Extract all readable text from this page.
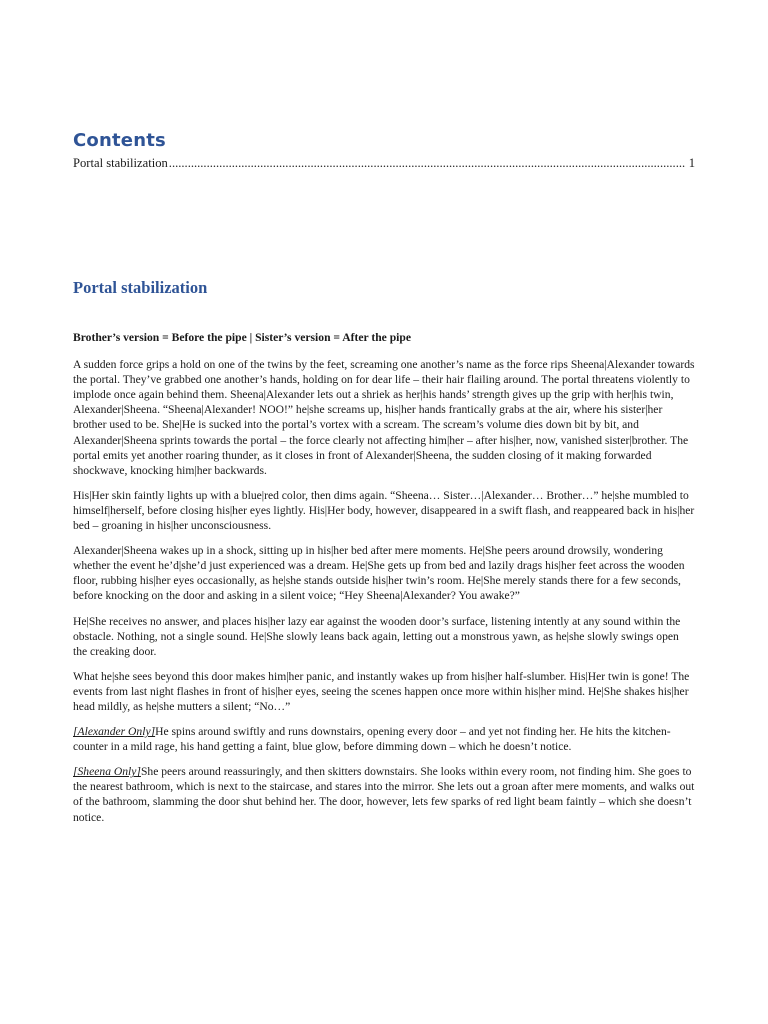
Contents
Portal stabilization
.....	1
Portal stabilization

Brother’s version = Before the pipe | Sister’s version = After the pipe

A sudden force grips a hold on one of the twins by the feet, screaming one another’s name as the force rips Sheena|Alexander towards the portal. They’ve grabbed one another’s hands, holding on for dear life – their hair flailing around. The portal threatens violently to implode once again behind them. Sheena|Alexander lets out a shriek as her|his hands’ strength gives up the grip with her|his twin, Alexander|Sheena. “Sheena|Alexander! NOO!” he|she screams up, his|her hands frantically grabs at the air, where his sister|her brother used to be. She|He is sucked into the portal’s vortex with a scream. The scream’s volume dies down bit by bit, and Alexander|Sheena sprints towards the portal – the force clearly not affecting him|her – after his|her, now, vanished sister|brother. The portal emits yet another roaring thunder, as it closes in front of Alexander|Sheena, the sudden closing of it making forwarded shockwave, knocking him|her backwards.

His|Her skin faintly lights up with a blue|red color, then dims again. “Sheena… Sister…|Alexander… Brother…” he|she mumbled to himself|herself, before closing his|her eyes lightly. His|Her body, however, disappeared in a swift flash, and reappeared back in his|her bed – groaning in his|her unconsciousness.

Alexander|Sheena wakes up in a shock, sitting up in his|her bed after mere moments. He|She peers around drowsily, wondering whether the event he’d|she’d just experienced was a dream. He|She gets up from bed and lazily drags his|her feet across the wooden floor, rubbing his|her eyes occasionally, as he|she stands outside his|her twin’s room. He|She merely stands there for a few seconds, before knocking on the door and asking in a silent voice; “Hey Sheena|Alexander? You awake?”

He|She receives no answer, and places his|her lazy ear against the wooden door’s surface, listening intently at any sound within the obstacle. Nothing, not a single sound. He|She slowly leans back again, letting out a monstrous yawn, as he|she slowly swings open the creaking door.

What he|she sees beyond this door makes him|her panic, and instantly wakes up from his|her half-slumber. His|Her twin is gone! The events from last night flashes in front of his|her eyes, seeing the scenes happen once more within his|her mind. He|She shakes his|her head mildly, as he|she mutters a silent; “No…”

[Alexander Only]He spins around swiftly and runs downstairs, opening every door – and yet not finding her. He hits the kitchen-counter in a mild rage, his hand getting a faint, blue glow, before dimming down – which he doesn’t notice.

[Sheena Only]She peers around reassuringly, and then skitters downstairs. She looks within every room, not finding him. She goes to the nearest bathroom, which is next to the staircase, and stares into the mirror. She lets out a groan after mere moments, and walks out of the bathroom, slamming the door shut behind her. The door, however, lets few sparks of red light beam faintly – which she doesn’t notice.
